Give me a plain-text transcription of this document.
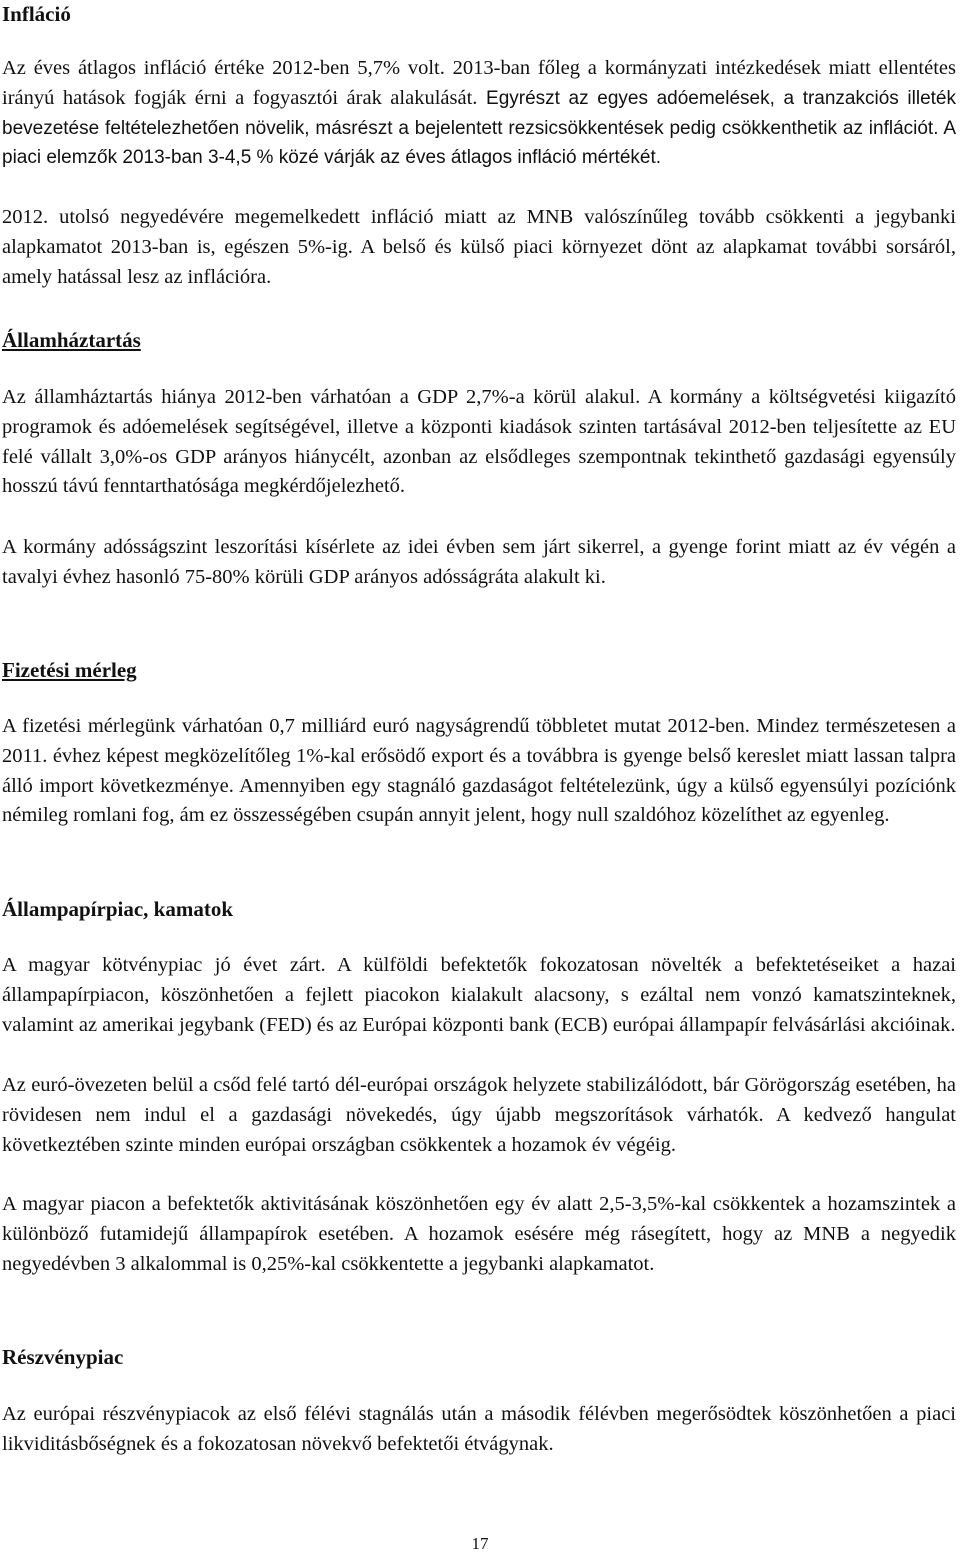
Infláció

Az éves átlagos infláció értéke 2012-ben 5,7% volt. 2013-ban főleg a kormányzati intézkedések miatt ellentétes irányú hatások fogják érni a fogyasztói árak alakulását. Egyrészt az egyes adóemelések, a tranzakciós illeték bevezetése feltételezhetően növelik, másrészt a bejelentett rezsicsökkentések pedig csökkenthetik az inflációt. A piaci elemzők 2013-ban 3-4,5 % közé várják az éves átlagos infláció mértékét.

2012. utolsó negyedévére megemelkedett infláció miatt az MNB valószínűleg tovább csökkenti a jegybanki alapkamatot 2013-ban is, egészen 5%-ig. A belső és külső piaci környezet dönt az alapkamat további sorsáról, amely hatással lesz az inflációra.

Államháztartás

Az államháztartás hiánya 2012-ben várhatóan a GDP 2,7%-a körül alakul. A kormány a költségvetési kiigazító programok és adóemelések segítségével, illetve a központi kiadások szinten tartásával 2012-ben teljesítette az EU felé vállalt 3,0%-os GDP arányos hiánycélt, azonban az elsődleges szempontnak tekinthető gazdasági egyensúly hosszú távú fenntarthatósága megkérdőjelezhető.

A kormány adósságszint leszorítási kísérlete az idei évben sem járt sikerrel, a gyenge forint miatt az év végén a tavalyi évhez hasonló 75-80% körüli GDP arányos adósságráta alakult ki.

Fizetési mérleg

A fizetési mérlegünk várhatóan 0,7 milliárd euró nagyságrendű többletet mutat 2012-ben. Mindez természetesen a 2011. évhez képest megközelítőleg 1%-kal erősödő export és a továbbra is gyenge belső kereslet miatt lassan talpra álló import következménye. Amennyiben egy stagnáló gazdaságot feltételezünk, úgy a külső egyensúlyi pozíciónk némileg romlani fog, ám ez összességében csupán annyit jelent, hogy null szaldóhoz közelíthet az egyenleg.

Állampapírpiac, kamatok

A magyar kötvénypiac jó évet zárt. A külföldi befektetők fokozatosan növelték a befektetéseiket a hazai állampapírpiacon, köszönhetően a fejlett piacokon kialakult alacsony, s ezáltal nem vonzó kamatszinteknek, valamint az amerikai jegybank (FED) és az Európai központi bank (ECB) európai állampapír felvásárlási akcióinak.

Az euró-övezeten belül a csőd felé tartó dél-európai országok helyzete stabilizálódott, bár Görögország esetében, ha rövidesen nem indul el a gazdasági növekedés, úgy újabb megszorítások várhatók. A kedvező hangulat következtében szinte minden európai országban csökkentek a hozamok év végéig.

A magyar piacon a befektetők aktivitásának köszönhetően egy év alatt 2,5-3,5%-kal csökkentek a hozamszintek a különböző futamidejű állampapírok esetében. A hozamok esésére még rásegített, hogy az MNB a negyedik negyedévben 3 alkalommal is 0,25%-kal csökkentette a jegybanki alapkamatot.

Részvénypiac

Az európai részvénypiacok az első félévi stagnálás után a második félévben megerősödtek köszönhetően a piaci likviditásbőségnek és a fokozatosan növekvő befektetői étvágynak.

17
